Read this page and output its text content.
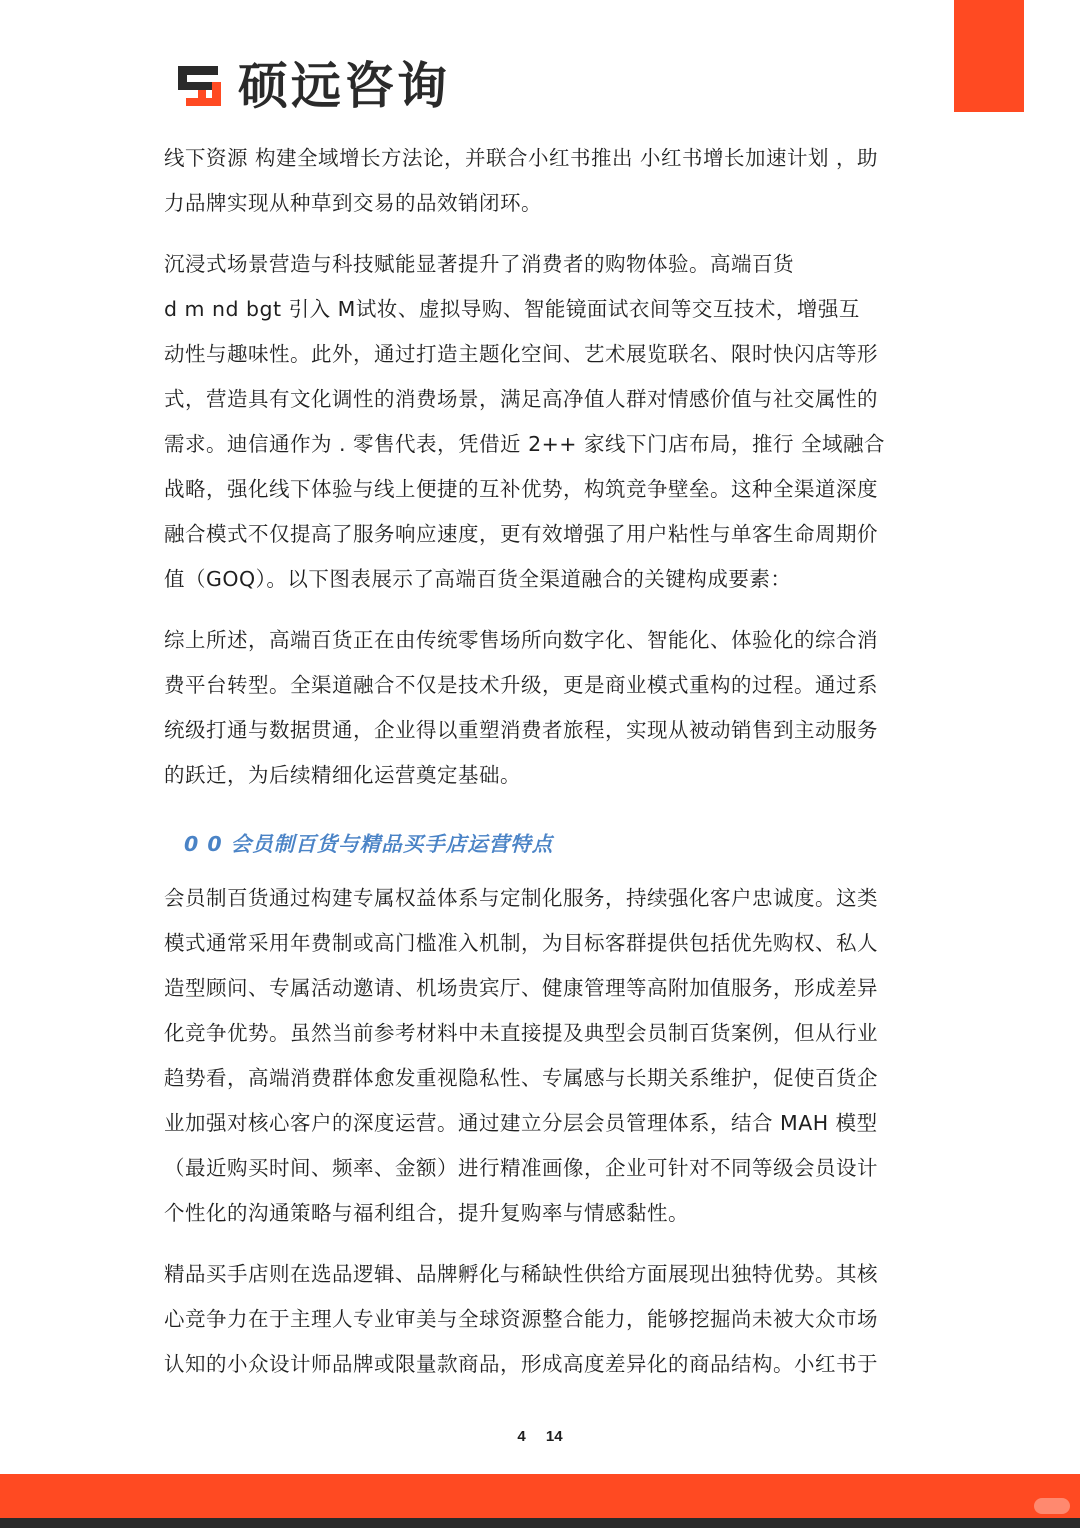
硕远咨询

线下资源 构建全域增长方法论，并联合小红书推出 小红书增长加速计划 ，助
力品牌实现从种草到交易的品效销闭环。

沉浸式场景营造与科技赋能显著提升了消费者的购物体验。高端百货
d m nd bgt 引入 M试妆、虚拟导购、智能镜面试衣间等交互技术，增强互
动性与趣味性。此外，通过打造主题化空间、艺术展览联名、限时快闪店等形
式，营造具有文化调性的消费场景，满足高净值人群对情感价值与社交属性的
需求。迪信通作为 . 零售代表，凭借近 2++ 家线下门店布局，推行 全域融合
战略，强化线下体验与线上便捷的互补优势，构筑竞争壁垒。这种全渠道深度
融合模式不仅提高了服务响应速度，更有效增强了用户粘性与单客生命周期价
值（GOQ）。以下图表展示了高端百货全渠道融合的关键构成要素：

综上所述，高端百货正在由传统零售场所向数字化、智能化、体验化的综合消
费平台转型。全渠道融合不仅是技术升级，更是商业模式重构的过程。通过系
统级打通与数据贯通，企业得以重塑消费者旅程，实现从被动销售到主动服务
的跃迁，为后续精细化运营奠定基础。

0 0 会员制百货与精品买手店运营特点

会员制百货通过构建专属权益体系与定制化服务，持续强化客户忠诚度。这类
模式通常采用年费制或高门槛准入机制，为目标客群提供包括优先购权、私人
造型顾问、专属活动邀请、机场贵宾厅、健康管理等高附加值服务，形成差异
化竞争优势。虽然当前参考材料中未直接提及典型会员制百货案例，但从行业
趋势看，高端消费群体愈发重视隐私性、专属感与长期关系维护，促使百货企
业加强对核心客户的深度运营。通过建立分层会员管理体系，结合 MAH 模型
（最近购买时间、频率、金额）进行精准画像，企业可针对不同等级会员设计
个性化的沟通策略与福利组合，提升复购率与情感黏性。

精品买手店则在选品逻辑、品牌孵化与稀缺性供给方面展现出独特优势。其核
心竞争力在于主理人专业审美与全球资源整合能力，能够挖掘尚未被大众市场
认知的小众设计师品牌或限量款商品，形成高度差异化的商品结构。小红书于

4 14
